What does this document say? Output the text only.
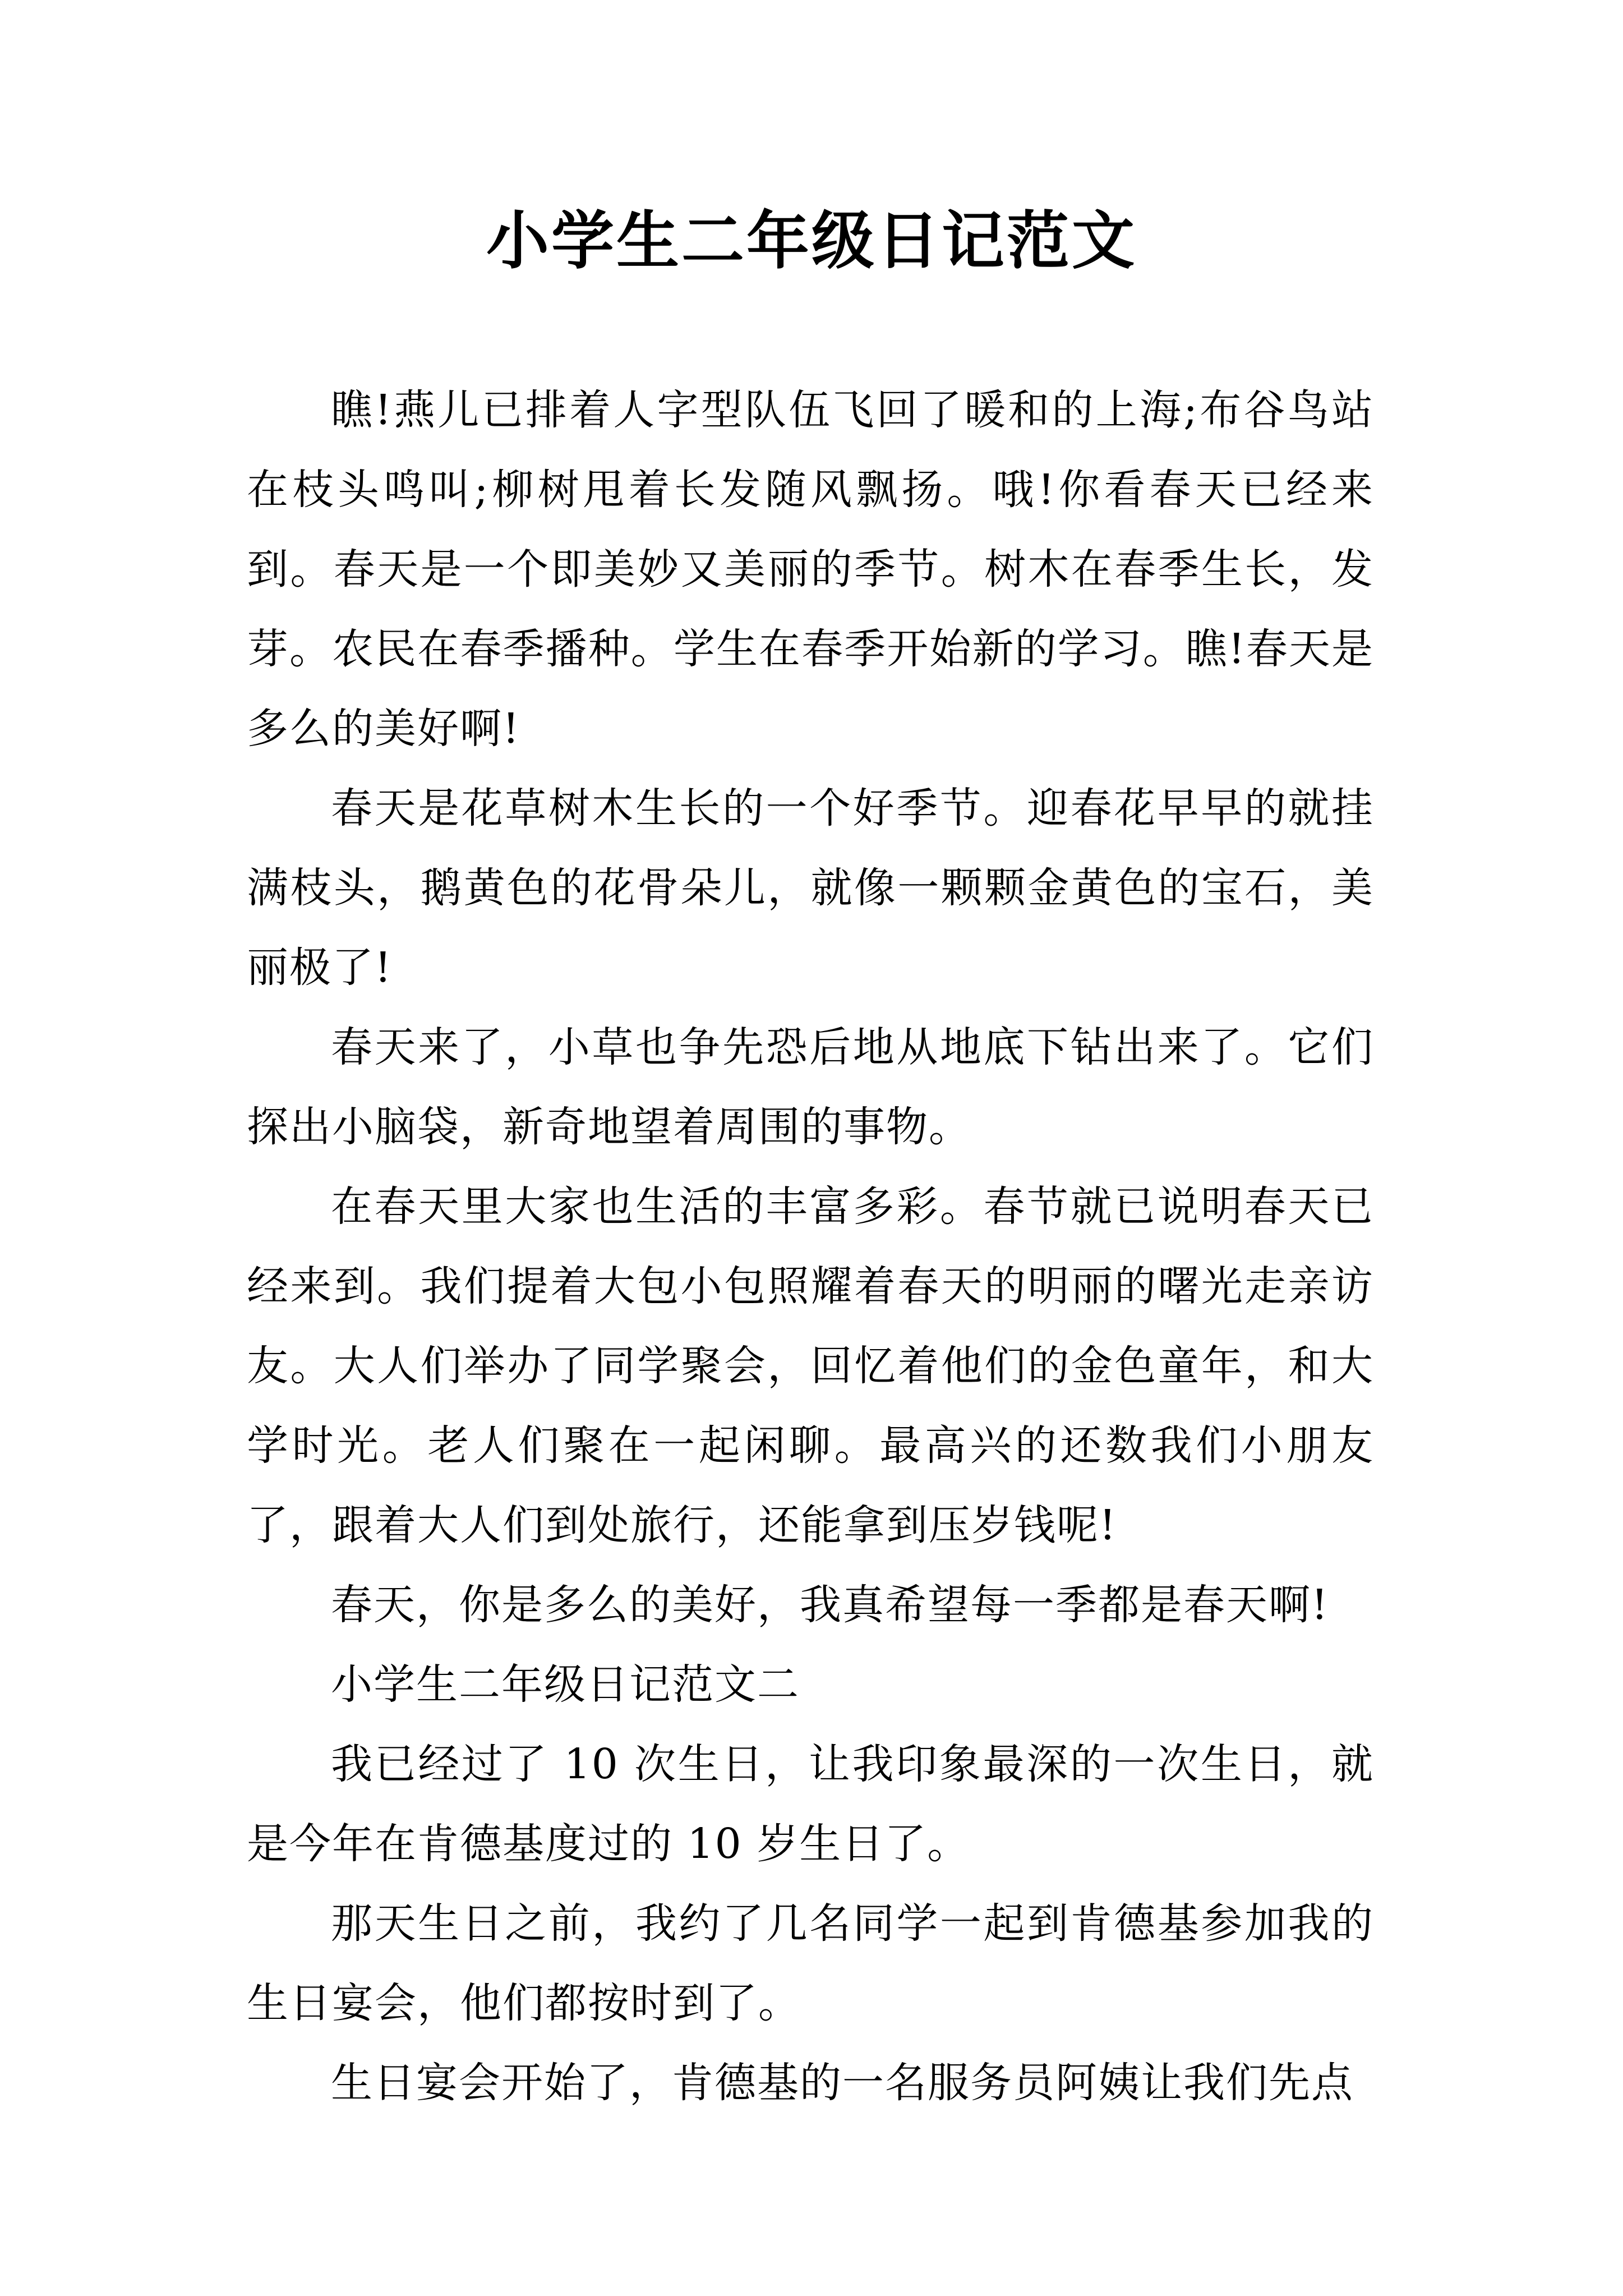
小学生二年级日记范文

瞧!燕儿已排着人字型队伍飞回了暖和的上海;布谷鸟站在枝头鸣叫;柳树甩着长发随风飘扬。哦!你看春天已经来到。春天是一个即美妙又美丽的季节。树木在春季生长，发芽。农民在春季播种。学生在春季开始新的学习。瞧!春天是多么的美好啊!

春天是花草树木生长的一个好季节。迎春花早早的就挂满枝头，鹅黄色的花骨朵儿，就像一颗颗金黄色的宝石，美丽极了!

春天来了，小草也争先恐后地从地底下钻出来了。它们探出小脑袋，新奇地望着周围的事物。

在春天里大家也生活的丰富多彩。春节就已说明春天已经来到。我们提着大包小包照耀着春天的明丽的曙光走亲访友。大人们举办了同学聚会，回忆着他们的金色童年，和大学时光。老人们聚在一起闲聊。最高兴的还数我们小朋友了，跟着大人们到处旅行，还能拿到压岁钱呢!

春天，你是多么的美好，我真希望每一季都是春天啊!

小学生二年级日记范文二

我已经过了 10 次生日，让我印象最深的一次生日，就是今年在肯德基度过的 10 岁生日了。

那天生日之前，我约了几名同学一起到肯德基参加我的生日宴会，他们都按时到了。

生日宴会开始了，肯德基的一名服务员阿姨让我们先点
